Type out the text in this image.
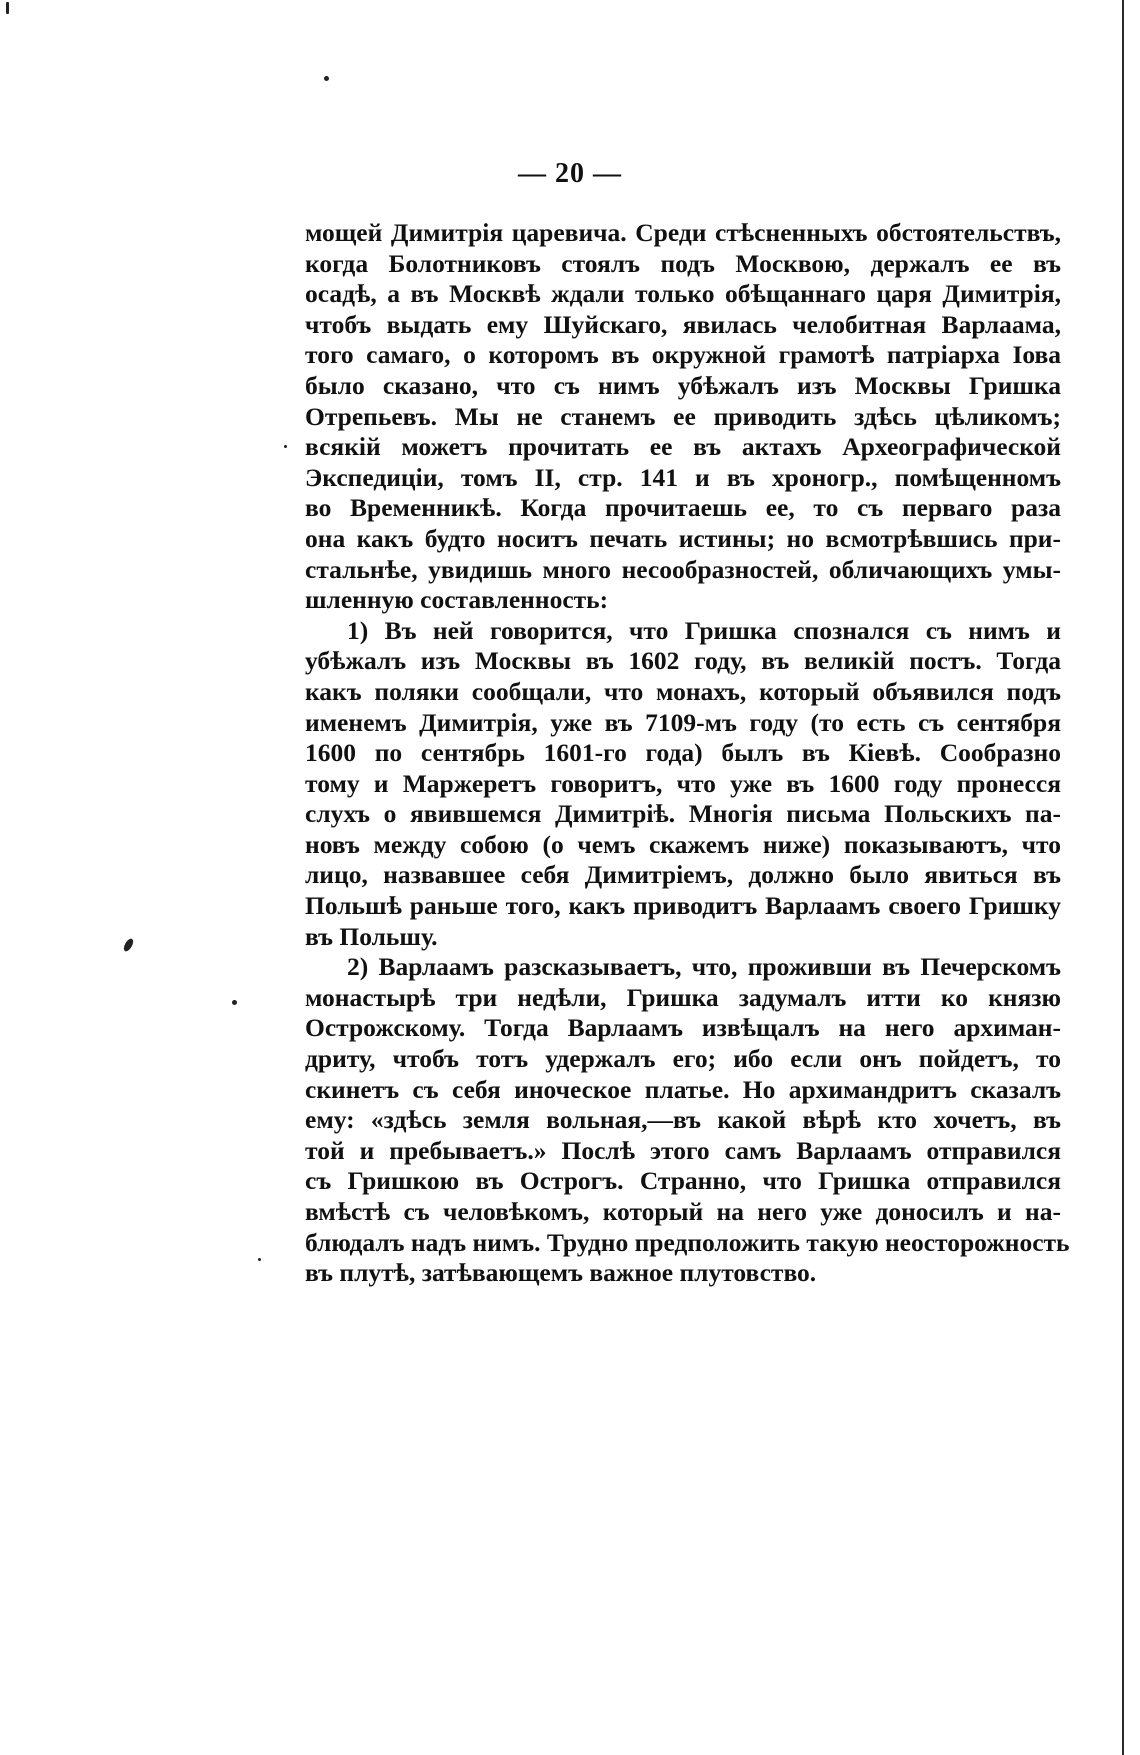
— 20 —
мощей Димитрія царевича. Среди стѣсненныхъ обстоятельствъ,
когда Болотниковъ стоялъ подъ Москвою, держалъ ее въ
осадѣ, а въ Москвѣ ждали только обѣщаннаго царя Димитрія,
чтобъ выдать ему Шуйскаго, явилась челобитная Варлаама,
того самаго, о которомъ въ окружной грамотѣ патріарха Іова
было сказано, что съ нимъ убѣжалъ изъ Москвы Гришка
Отрепьевъ. Мы не станемъ ее приводить здѣсь цѣликомъ;
всякій можетъ прочитать ее въ актахъ Археографической
Экспедиціи, томъ II, стр. 141 и въ хроногр., помѣщенномъ
во Временникѣ. Когда прочитаешь ее, то съ перваго раза
она какъ будто носитъ печать истины; но всмотрѣвшись при-
стальнѣе, увидишь много несообразностей, обличающихъ умы-
шленную составленность:
1) Въ ней говорится, что Гришка спознался съ нимъ и
убѣжалъ изъ Москвы въ 1602 году, въ великій постъ. Тогда
какъ поляки сообщали, что монахъ, который объявился подъ
именемъ Димитрія, уже въ 7109-мъ году (то есть съ сентября
1600 по сентябрь 1601-го года) былъ въ Кіевѣ. Сообразно
тому и Маржеретъ говоритъ, что уже въ 1600 году пронесся
слухъ о явившемся Димитріѣ. Многія письма Польскихъ па-
новъ между собою (о чемъ скажемъ ниже) показываютъ, что
лицо, назвавшее себя Димитріемъ, должно было явиться въ
Польшѣ раньше того, какъ приводитъ Варлаамъ своего Гришку
въ Польшу.
2) Варлаамъ разсказываетъ, что, проживши въ Печерскомъ
монастырѣ три недѣли, Гришка задумалъ итти ко князю
Острожскому. Тогда Варлаамъ извѣщалъ на него архиман-
дриту, чтобъ тотъ удержалъ его; ибо если онъ пойдетъ, то
скинетъ съ себя иноческое платье. Но архимандритъ сказалъ
ему: «здѣсь земля вольная,—въ какой вѣрѣ кто хочетъ, въ
той и пребываетъ.» Послѣ этого самъ Варлаамъ отправился
съ Гришкою въ Острогъ. Странно, что Гришка отправился
вмѣстѣ съ человѣкомъ, который на него уже доносилъ и на-
блюдалъ надъ нимъ. Трудно предположить такую неосторожность
въ плутѣ, затѣвающемъ важное плутовство.
